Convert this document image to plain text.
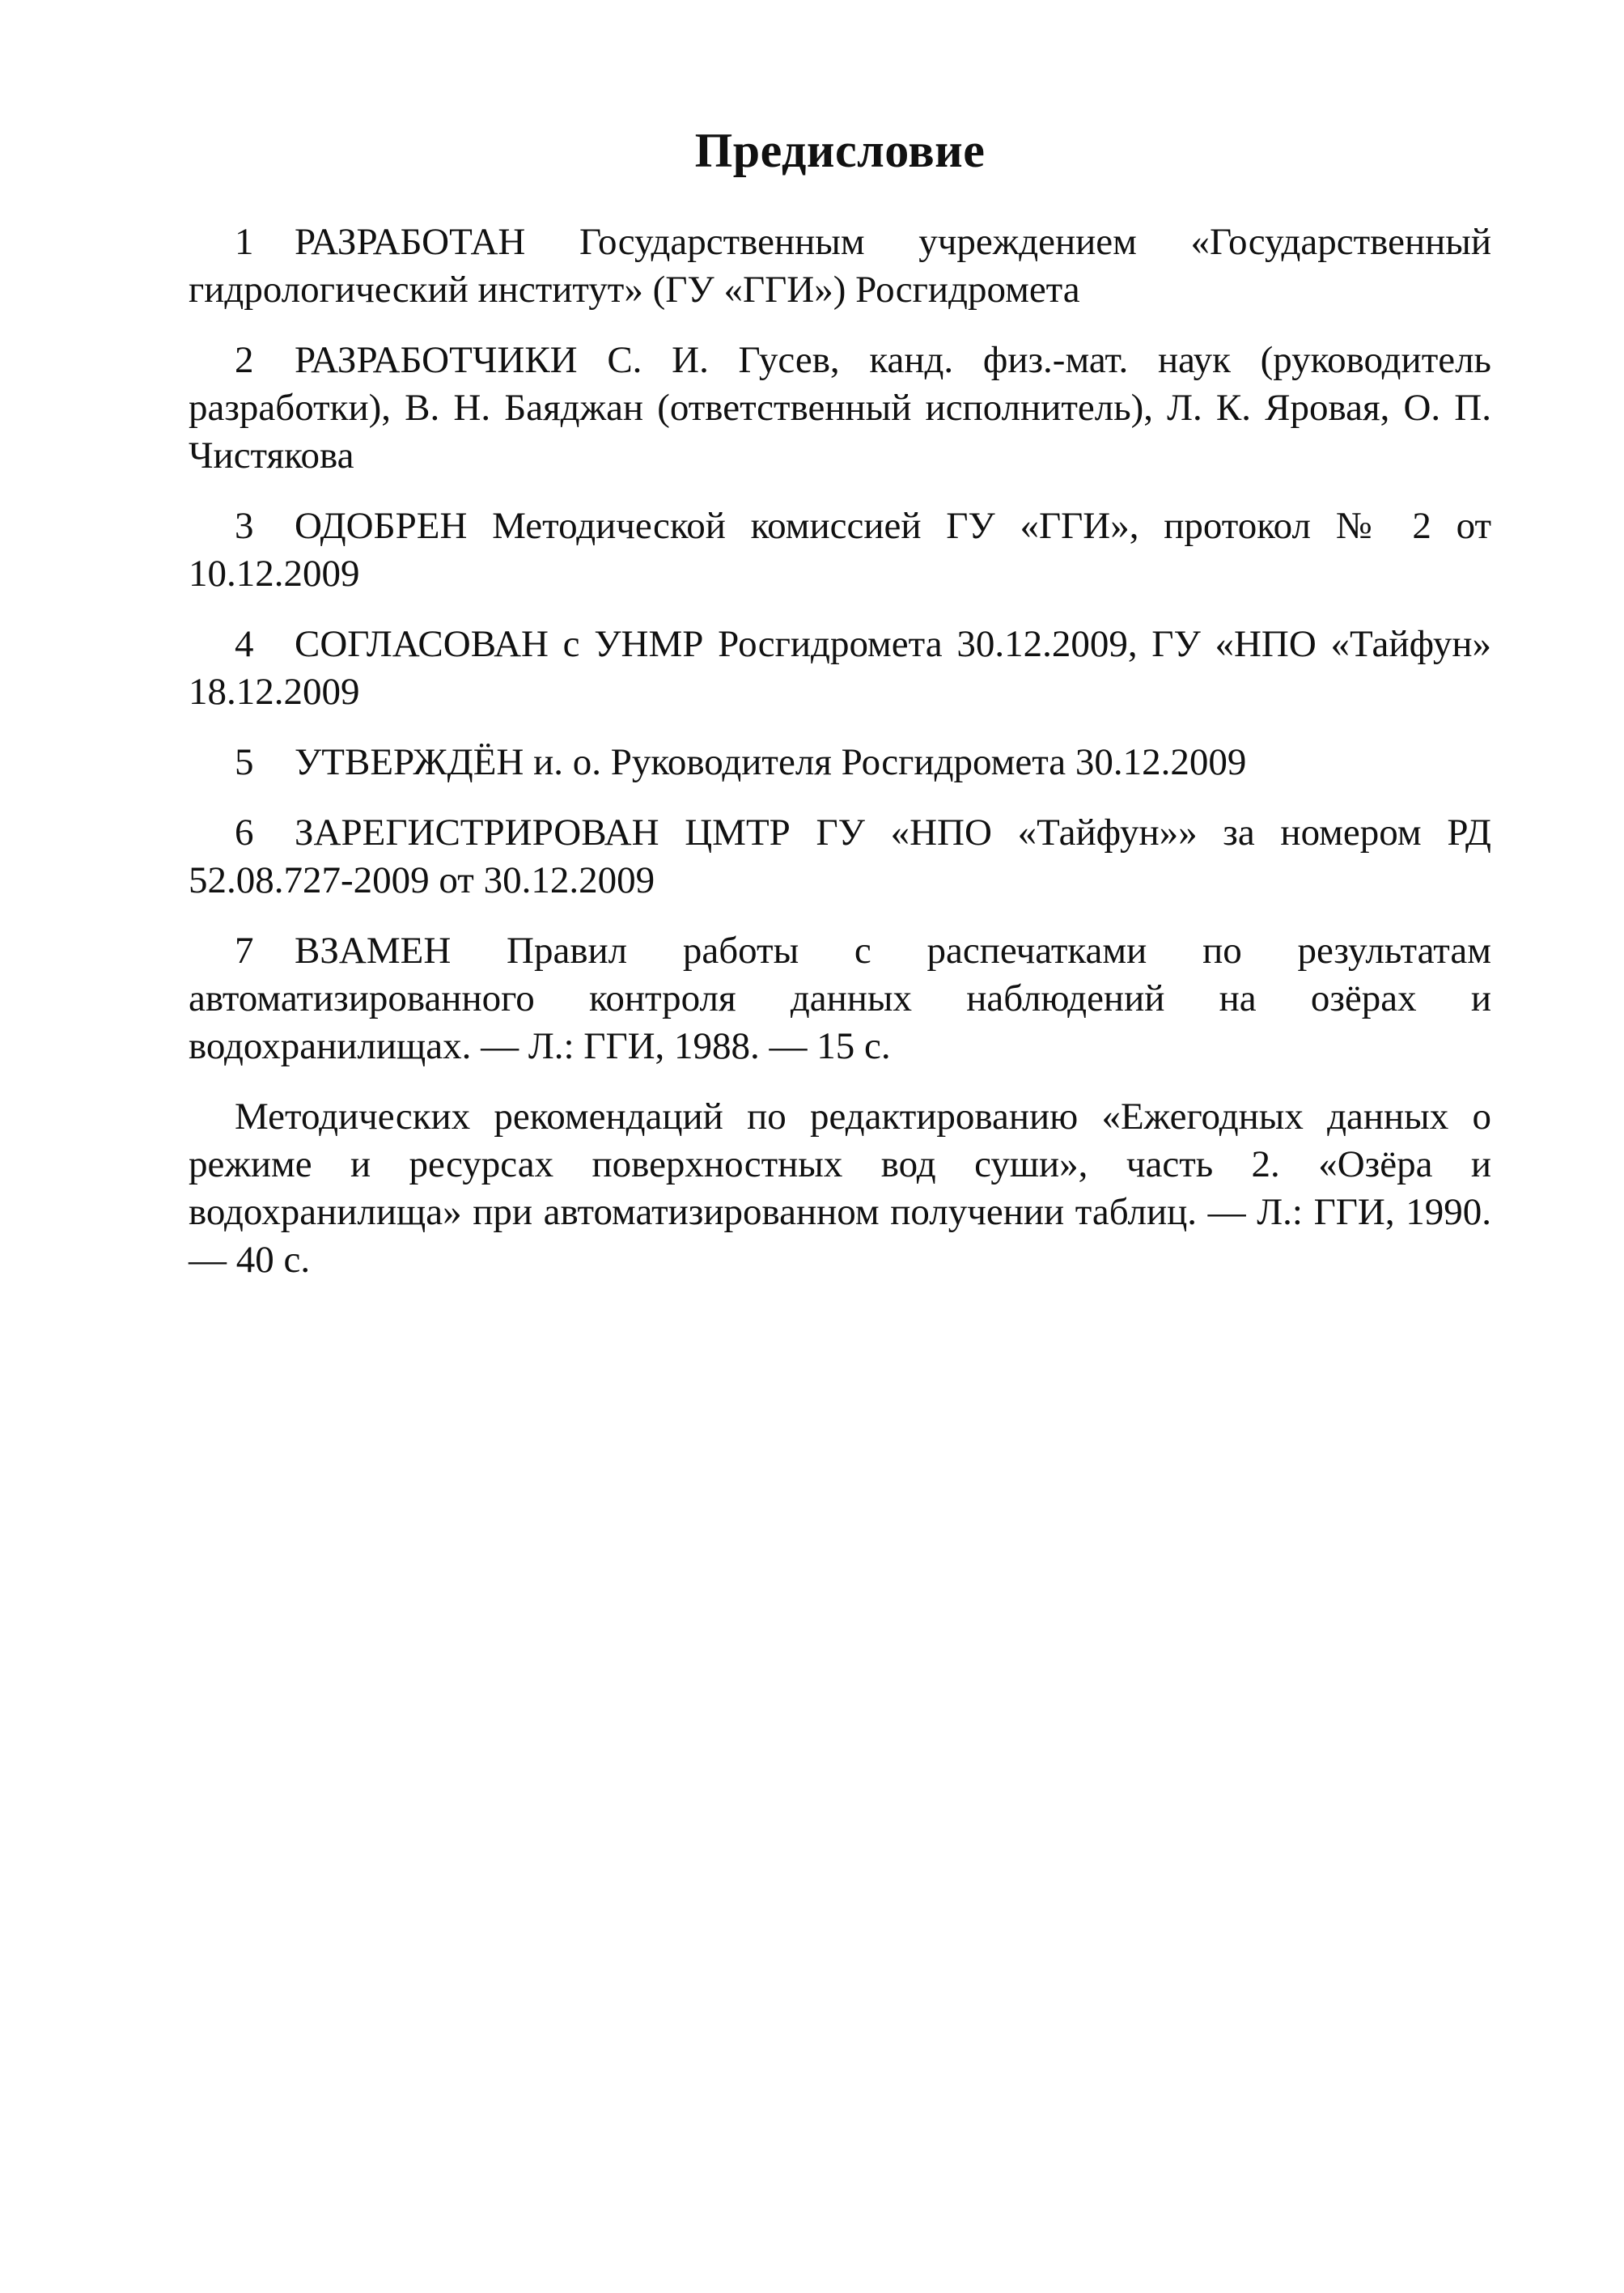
Предисловие

1 РАЗРАБОТАН Государственным учреждением «Государственный гидрологический институт» (ГУ «ГГИ») Росгидромета

2 РАЗРАБОТЧИКИ С. И. Гусев, канд. физ.-мат. наук (руководитель разработки), В. Н. Баяджан (ответственный исполнитель), Л. К. Яровая, О. П. Чистякова

3 ОДОБРЕН Методической комиссией ГУ «ГГИ», протокол № 2 от 10.12.2009

4 СОГЛАСОВАН с УНМР Росгидромета 30.12.2009, ГУ «НПО «Тайфун» 18.12.2009

5 УТВЕРЖДЁН и. о. Руководителя Росгидромета 30.12.2009

6 ЗАРЕГИСТРИРОВАН ЦМТР ГУ «НПО «Тайфун»» за номером РД 52.08.727-2009 от 30.12.2009

7 ВЗАМЕН Правил работы с распечатками по результатам автоматизированного контроля данных наблюдений на озёрах и водохранилищах. — Л.: ГГИ, 1988. — 15 с.

Методических рекомендаций по редактированию «Ежегодных данных о режиме и ресурсах поверхностных вод суши», часть 2. «Озёра и водохранилища» при автоматизированном получении таблиц. — Л.: ГГИ, 1990. — 40 с.
